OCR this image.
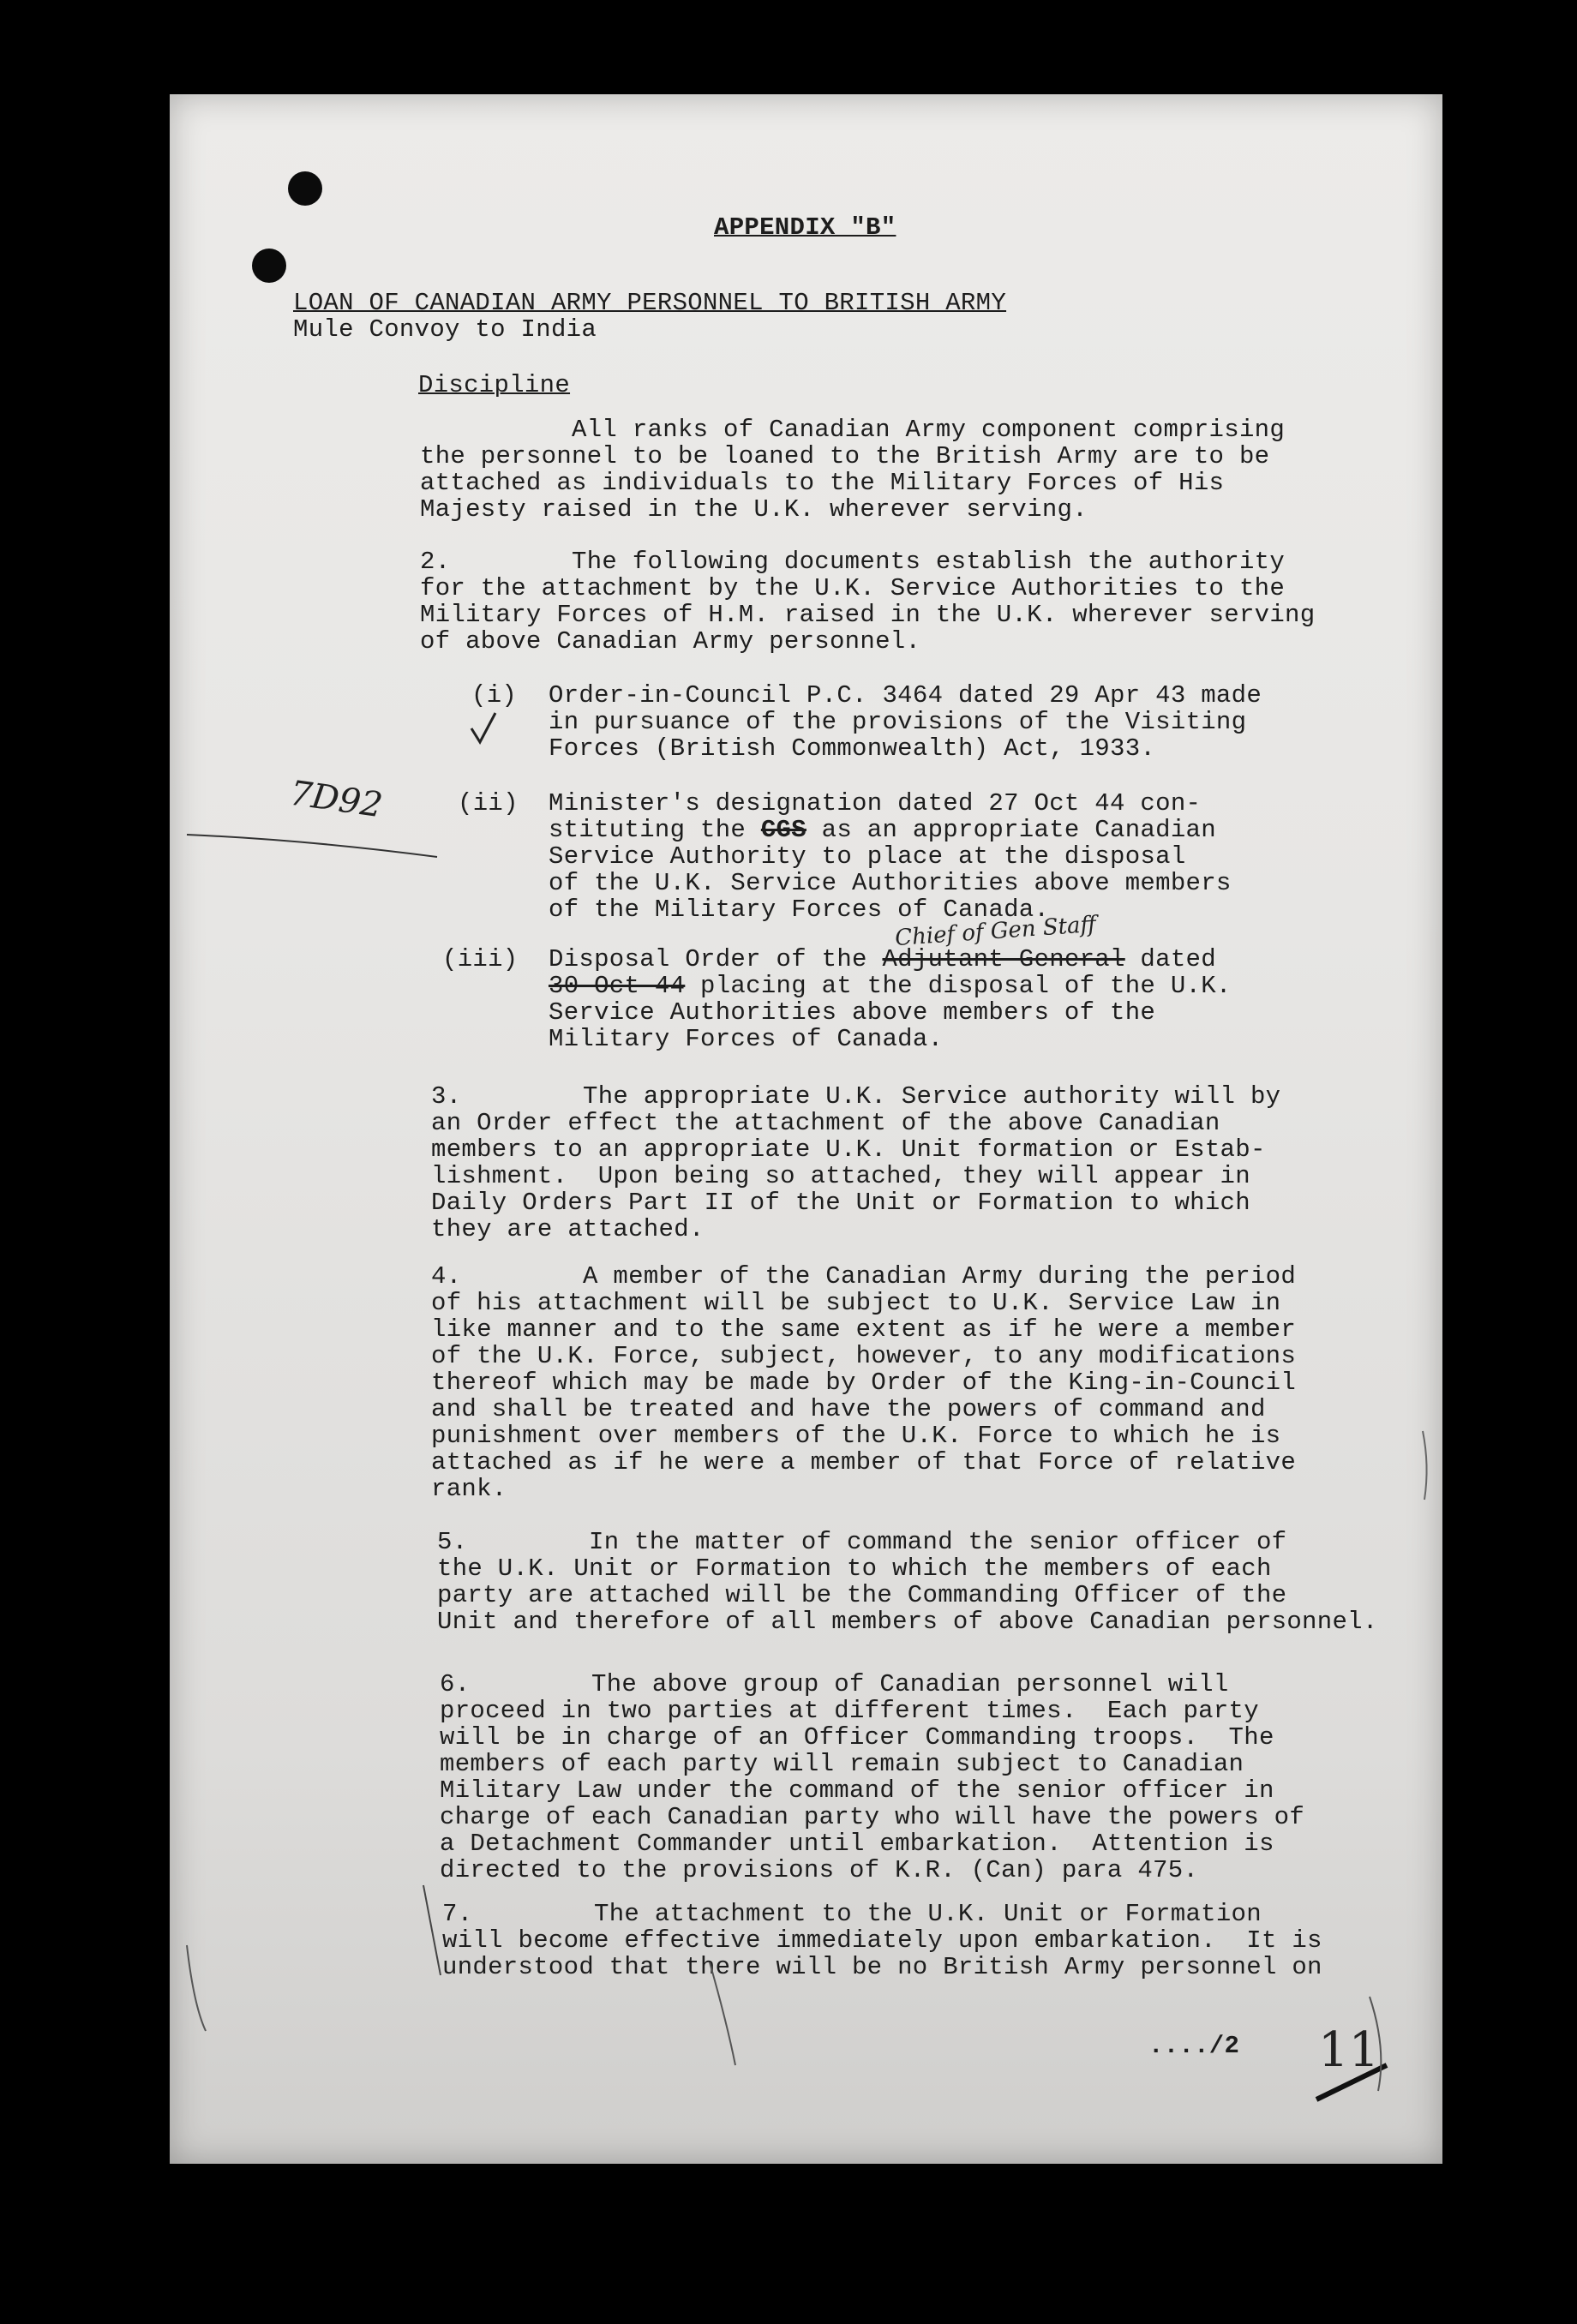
APPENDIX "B"
LOAN OF CANADIAN ARMY PERSONNEL TO BRITISH ARMY
Mule Convoy to India
Discipline
All ranks of Canadian Army component comprising
the personnel to be loaned to the British Army are to be
attached as individuals to the Military Forces of His
Majesty raised in the U.K. wherever serving.
2.        The following documents establish the authority
for the attachment by the U.K. Service Authorities to the
Military Forces of H.M. raised in the U.K. wherever serving
of above Canadian Army personnel.
(i) Order-in-Council P.C. 3464 dated 29 Apr 43 made
in pursuance of the provisions of the Visiting
Forces (British Commonwealth) Act, 1933.
(ii) Minister's designation dated 27 Oct 44 con-
stituting the CGS as an appropriate Canadian
Service Authority to place at the disposal
of the U.K. Service Authorities above members
of the Military Forces of Canada.
(iii) Disposal Order of the Adjutant-General dated
30 Oct 44 placing at the disposal of the U.K.
Service Authorities above members of the
Military Forces of Canada.
Chief of Gen Staff
7D92
3.        The appropriate U.K. Service authority will by
an Order effect the attachment of the above Canadian
members to an appropriate U.K. Unit formation or Estab-
lishment.  Upon being so attached, they will appear in
Daily Orders Part II of the Unit or Formation to which
they are attached.
4.        A member of the Canadian Army during the period
of his attachment will be subject to U.K. Service Law in
like manner and to the same extent as if he were a member
of the U.K. Force, subject, however, to any modifications
thereof which may be made by Order of the King-in-Council
and shall be treated and have the powers of command and
punishment over members of the U.K. Force to which he is
attached as if he were a member of that Force of relative
rank.
5.        In the matter of command the senior officer of
the U.K. Unit or Formation to which the members of each
party are attached will be the Commanding Officer of the
Unit and therefore of all members of above Canadian personnel.
6.        The above group of Canadian personnel will
proceed in two parties at different times.  Each party
will be in charge of an Officer Commanding troops.  The
members of each party will remain subject to Canadian
Military Law under the command of the senior officer in
charge of each Canadian party who will have the powers of
a Detachment Commander until embarkation.  Attention is
directed to the provisions of K.R. (Can) para 475.
7.        The attachment to the U.K. Unit or Formation
will become effective immediately upon embarkation.  It is
understood that there will be no British Army personnel on
..../2 11
